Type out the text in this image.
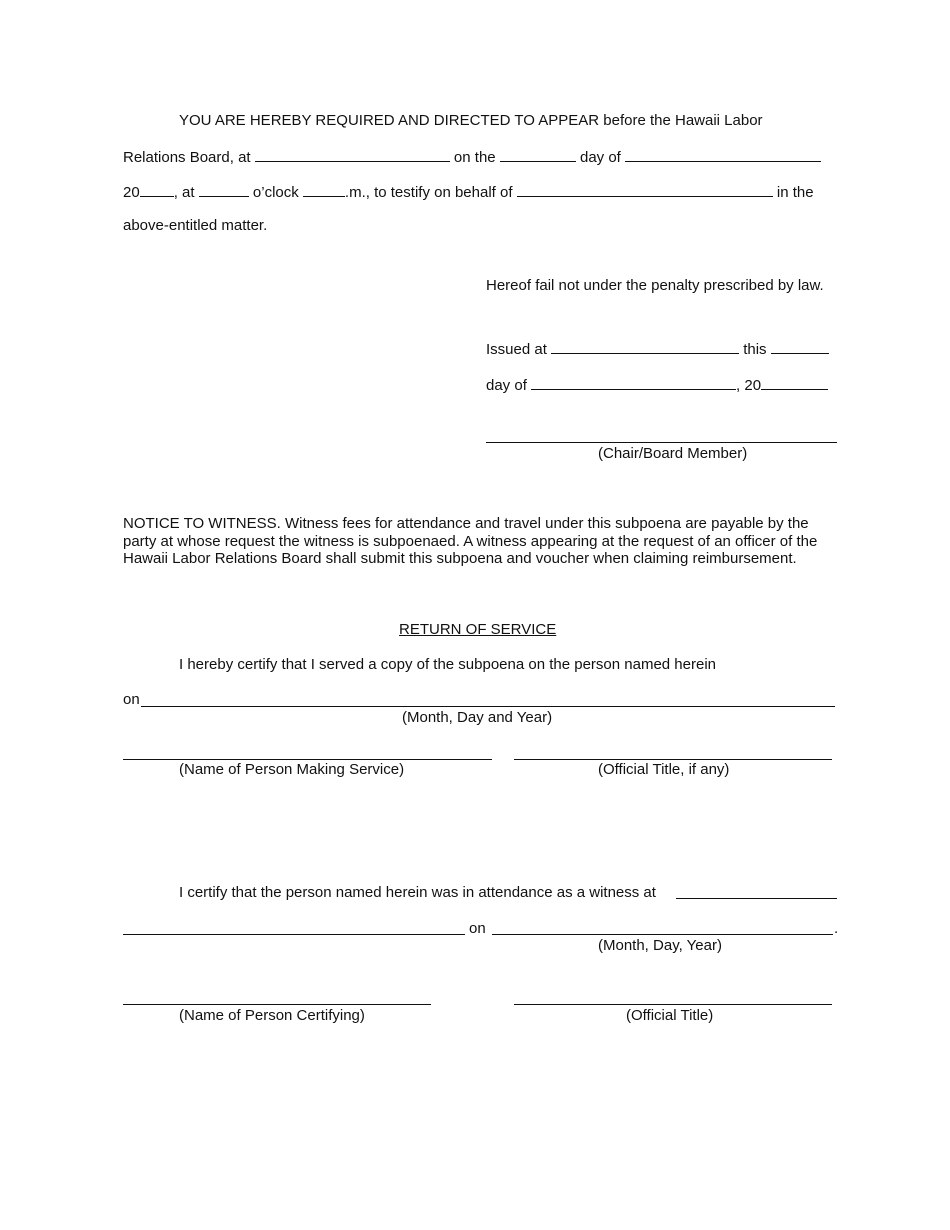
YOU ARE HEREBY REQUIRED AND DIRECTED TO APPEAR before the Hawaii Labor
Relations Board, at	on the	day of
20 , at	o’clock	.m., to testify on behalf of	in the
above-entitled matter.
Hereof fail not under the penalty prescribed by law.
Issued at	this
day of	, 20
(Chair/Board Member)
NOTICE TO WITNESS. Witness fees for attendance and travel under this subpoena are payable by the party at whose request the witness is subpoenaed. A witness appearing at the request of an officer of the Hawaii Labor Relations Board shall submit this subpoena and voucher when claiming reimbursement.
RETURN OF SERVICE
I hereby certify that I served a copy of the subpoena on the person named herein
on
(Month, Day and Year)
(Name of Person Making Service)	(Official Title, if any)
I certify that the person named herein was in attendance as a witness at
on	.
(Month, Day, Year)
(Name of Person Certifying)	(Official Title)
